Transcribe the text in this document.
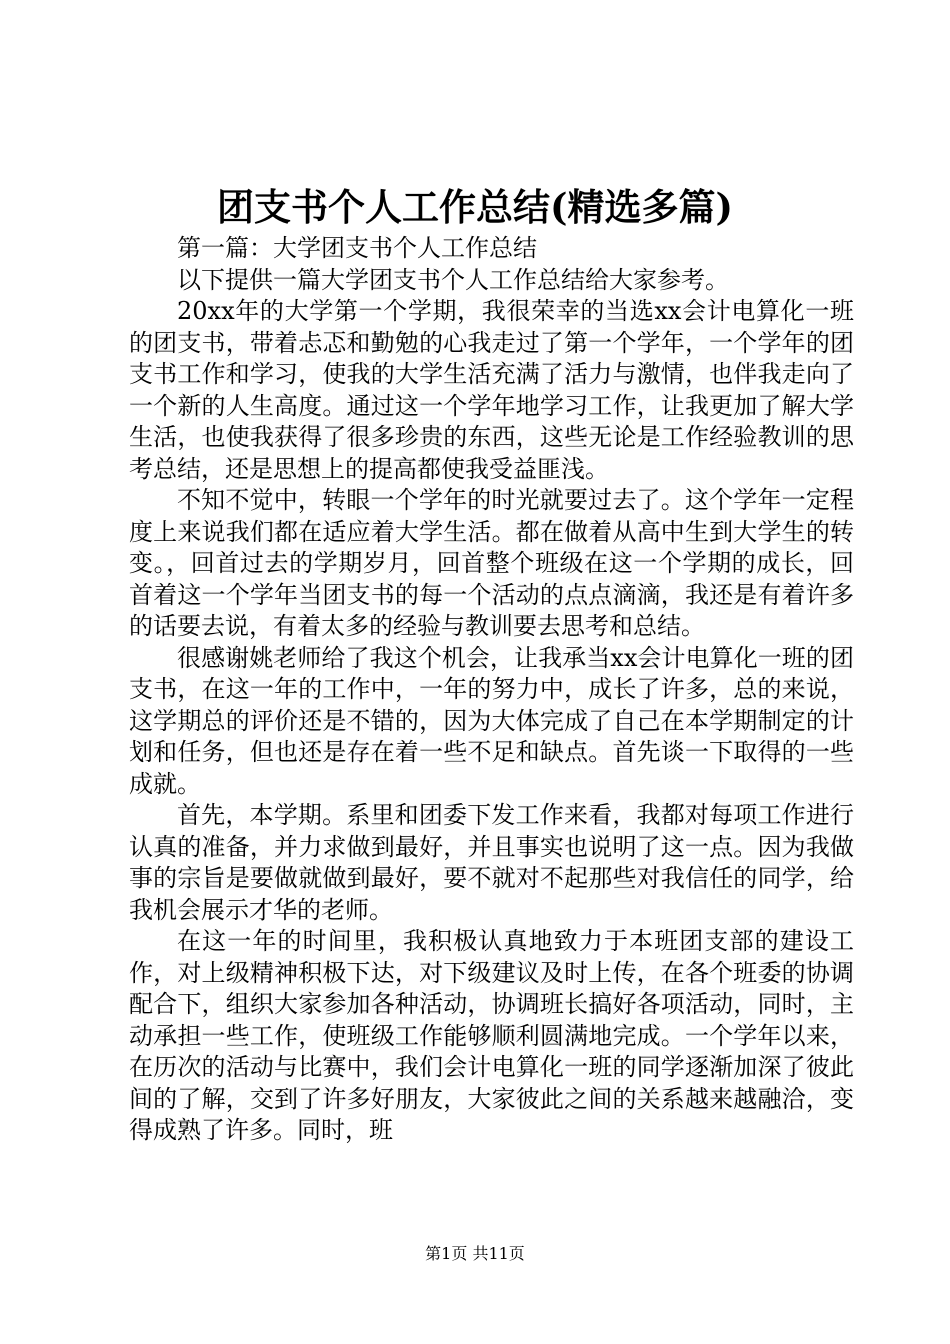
团支书个人工作总结(精选多篇)

第一篇：大学团支书个人工作总结

以下提供一篇大学团支书个人工作总结给大家参考。

20xx年的大学第一个学期，我很荣幸的当选xx会计电算化一班的团支书，带着忐忑和勤勉的心我走过了第一个学年，一个学年的团支书工作和学习，使我的大学生活充满了活力与激情，也伴我走向了一个新的人生高度。通过这一个学年地学习工作，让我更加了解大学生活，也使我获得了很多珍贵的东西，这些无论是工作经验教训的思考总结，还是思想上的提高都使我受益匪浅。

不知不觉中，转眼一个学年的时光就要过去了。这个学年一定程度上来说我们都在适应着大学生活。都在做着从高中生到大学生的转变。，回首过去的学期岁月，回首整个班级在这一个学期的成长，回首着这一个学年当团支书的每一个活动的点点滴滴，我还是有着许多的话要去说，有着太多的经验与教训要去思考和总结。

很感谢姚老师给了我这个机会，让我承当xx会计电算化一班的团支书，在这一年的工作中，一年的努力中，成长了许多，总的来说，这学期总的评价还是不错的，因为大体完成了自己在本学期制定的计划和任务，但也还是存在着一些不足和缺点。首先谈一下取得的一些成就。

首先，本学期。系里和团委下发工作来看，我都对每项工作进行认真的准备，并力求做到最好，并且事实也说明了这一点。因为我做事的宗旨是要做就做到最好，要不就对不起那些对我信任的同学，给我机会展示才华的老师。

在这一年的时间里，我积极认真地致力于本班团支部的建设工作，对上级精神积极下达，对下级建议及时上传，在各个班委的协调配合下，组织大家参加各种活动，协调班长搞好各项活动，同时，主动承担一些工作，使班级工作能够顺利圆满地完成。一个学年以来，在历次的活动与比赛中，我们会计电算化一班的同学逐渐加深了彼此间的了解，交到了许多好朋友，大家彼此之间的关系越来越融洽，变得成熟了许多。同时，班

第1页 共11页
